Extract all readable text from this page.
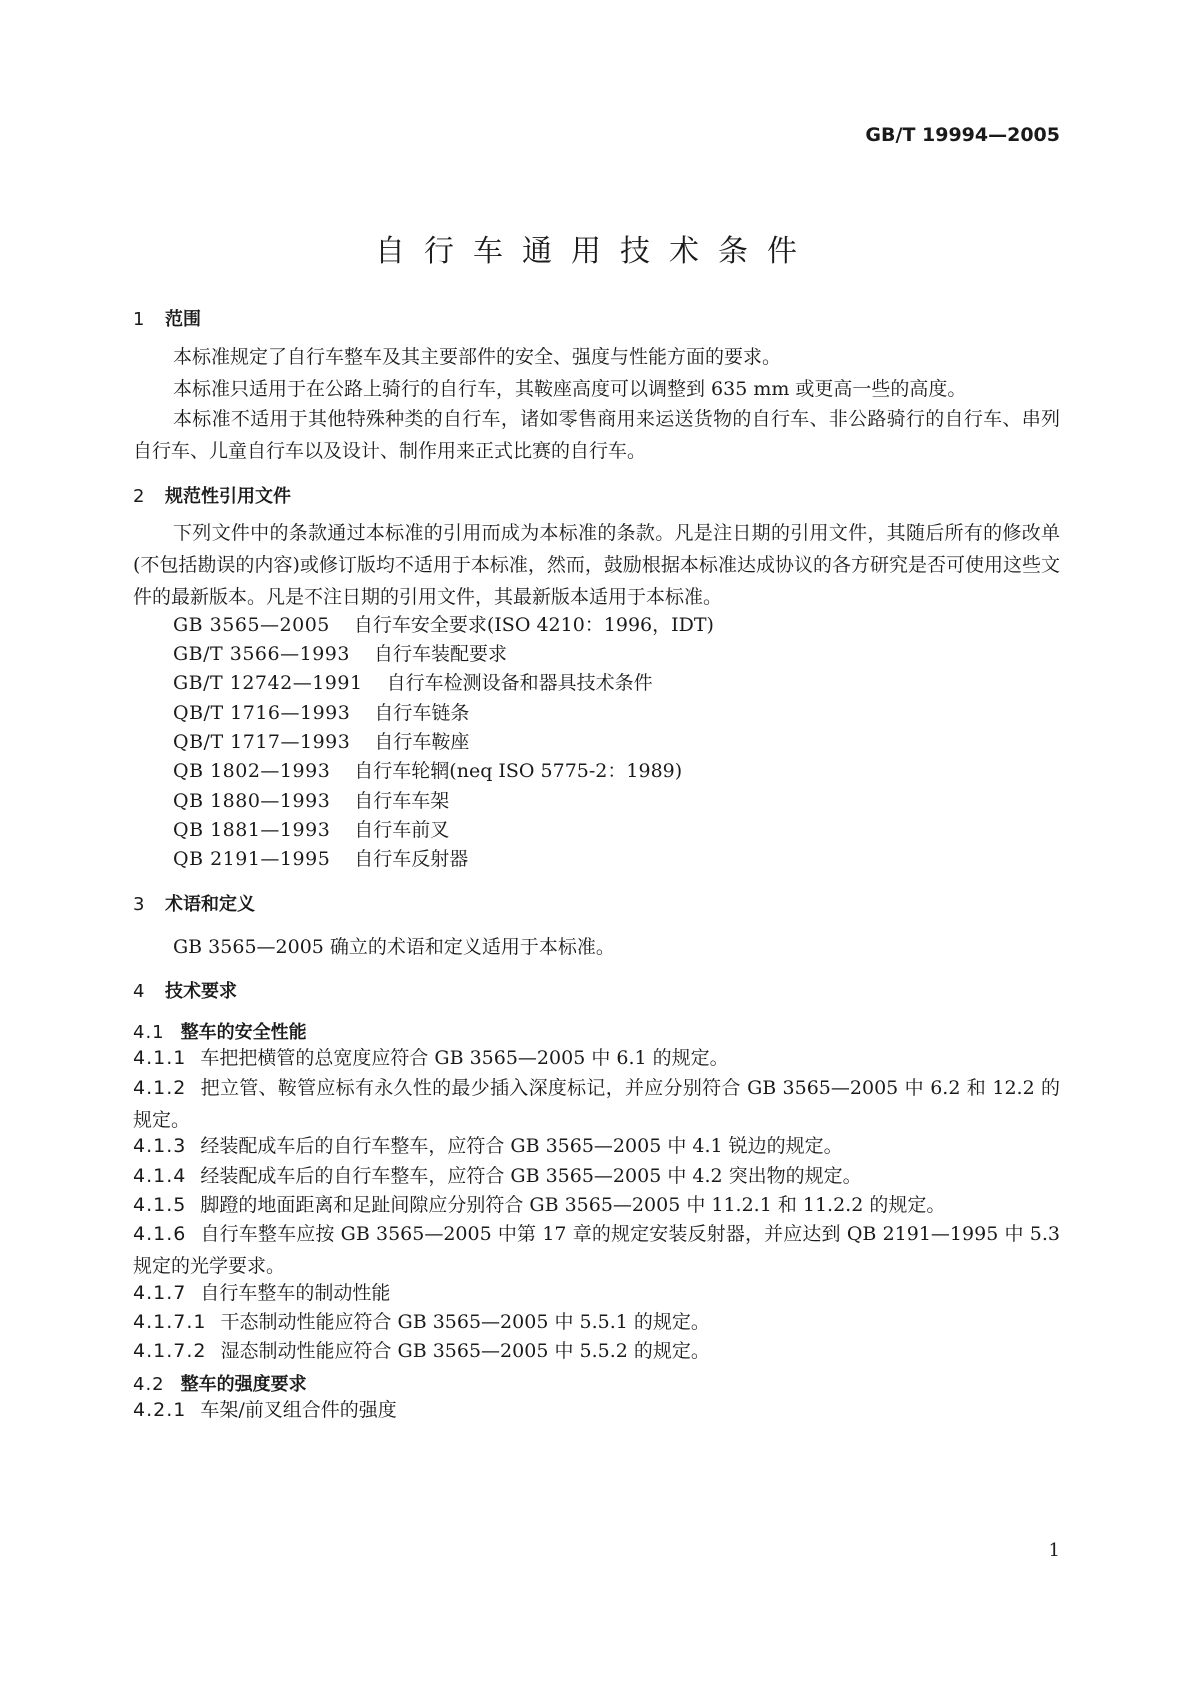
GB/T 19994—2005
自行车通用技术条件
1 范围
本标准规定了自行车整车及其主要部件的安全、强度与性能方面的要求。
本标准只适用于在公路上骑行的自行车，其鞍座高度可以调整到 635 mm 或更高一些的高度。
本标准不适用于其他特殊种类的自行车，诸如零售商用来运送货物的自行车、非公路骑行的自行车、串列自行车、儿童自行车以及设计、制作用来正式比赛的自行车。
2 规范性引用文件
下列文件中的条款通过本标准的引用而成为本标准的条款。凡是注日期的引用文件，其随后所有的修改单(不包括勘误的内容)或修订版均不适用于本标准，然而，鼓励根据本标准达成协议的各方研究是否可使用这些文件的最新版本。凡是不注日期的引用文件，其最新版本适用于本标准。
GB 3565—2005 自行车安全要求(ISO 4210：1996，IDT)
GB/T 3566—1993 自行车装配要求
GB/T 12742—1991 自行车检测设备和器具技术条件
QB/T 1716—1993 自行车链条
QB/T 1717—1993 自行车鞍座
QB 1802—1993 自行车轮辋(neq ISO 5775-2：1989)
QB 1880—1993 自行车车架
QB 1881—1993 自行车前叉
QB 2191—1995 自行车反射器
3 术语和定义
GB 3565—2005 确立的术语和定义适用于本标准。
4 技术要求
4.1 整车的安全性能
4.1.1 车把把横管的总宽度应符合 GB 3565—2005 中 6.1 的规定。
4.1.2 把立管、鞍管应标有永久性的最少插入深度标记，并应分别符合 GB 3565—2005 中 6.2 和 12.2 的规定。
4.1.3 经装配成车后的自行车整车，应符合 GB 3565—2005 中 4.1 锐边的规定。
4.1.4 经装配成车后的自行车整车，应符合 GB 3565—2005 中 4.2 突出物的规定。
4.1.5 脚蹬的地面距离和足趾间隙应分别符合 GB 3565—2005 中 11.2.1 和 11.2.2 的规定。
4.1.6 自行车整车应按 GB 3565—2005 中第 17 章的规定安装反射器，并应达到 QB 2191—1995 中 5.3规定的光学要求。
4.1.7 自行车整车的制动性能
4.1.7.1 干态制动性能应符合 GB 3565—2005 中 5.5.1 的规定。
4.1.7.2 湿态制动性能应符合 GB 3565—2005 中 5.5.2 的规定。
4.2 整车的强度要求
4.2.1 车架/前叉组合件的强度
1
